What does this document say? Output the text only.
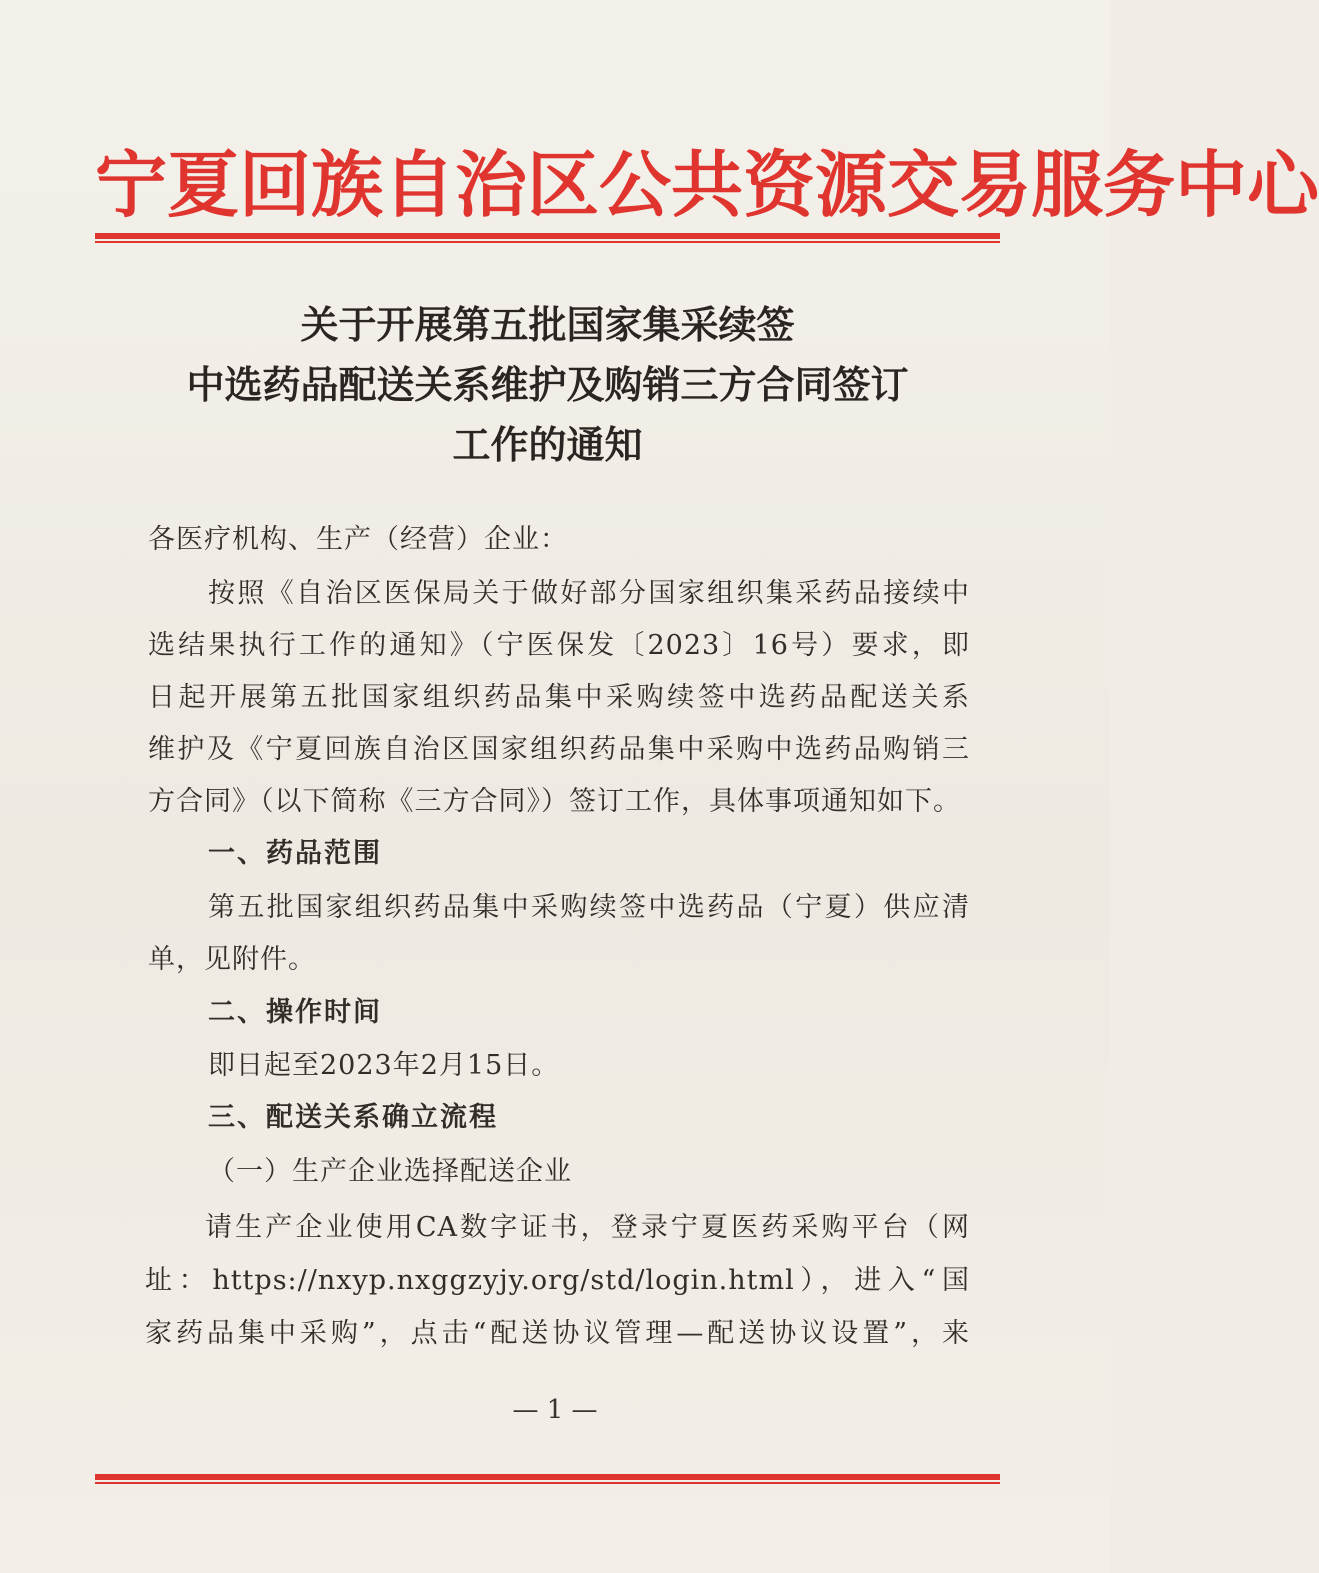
宁夏回族自治区公共资源交易服务中心
关于开展第五批国家集采续签
中选药品配送关系维护及购销三方合同签订
工作的通知
各医疗机构、生产（经营）企业：
按照《自治区医保局关于做好部分国家组织集采药品接续中
选结果执行工作的通知》（宁医保发〔2023〕16号）要求，即
日起开展第五批国家组织药品集中采购续签中选药品配送关系
维护及《宁夏回族自治区国家组织药品集中采购中选药品购销三
方合同》（以下简称《三方合同》）签订工作，具体事项通知如下。
一、药品范围
第五批国家组织药品集中采购续签中选药品（宁夏）供应清
单，见附件。
二、操作时间
即日起至2023年2月15日。
三、配送关系确立流程
（一）生产企业选择配送企业
请生产企业使用CA数字证书，登录宁夏医药采购平台（网
址：https://nxyp.nxggzyjy.org/std/login.html），进入“国
家药品集中采购”，点击“配送协议管理—配送协议设置”，来
— 1 —
